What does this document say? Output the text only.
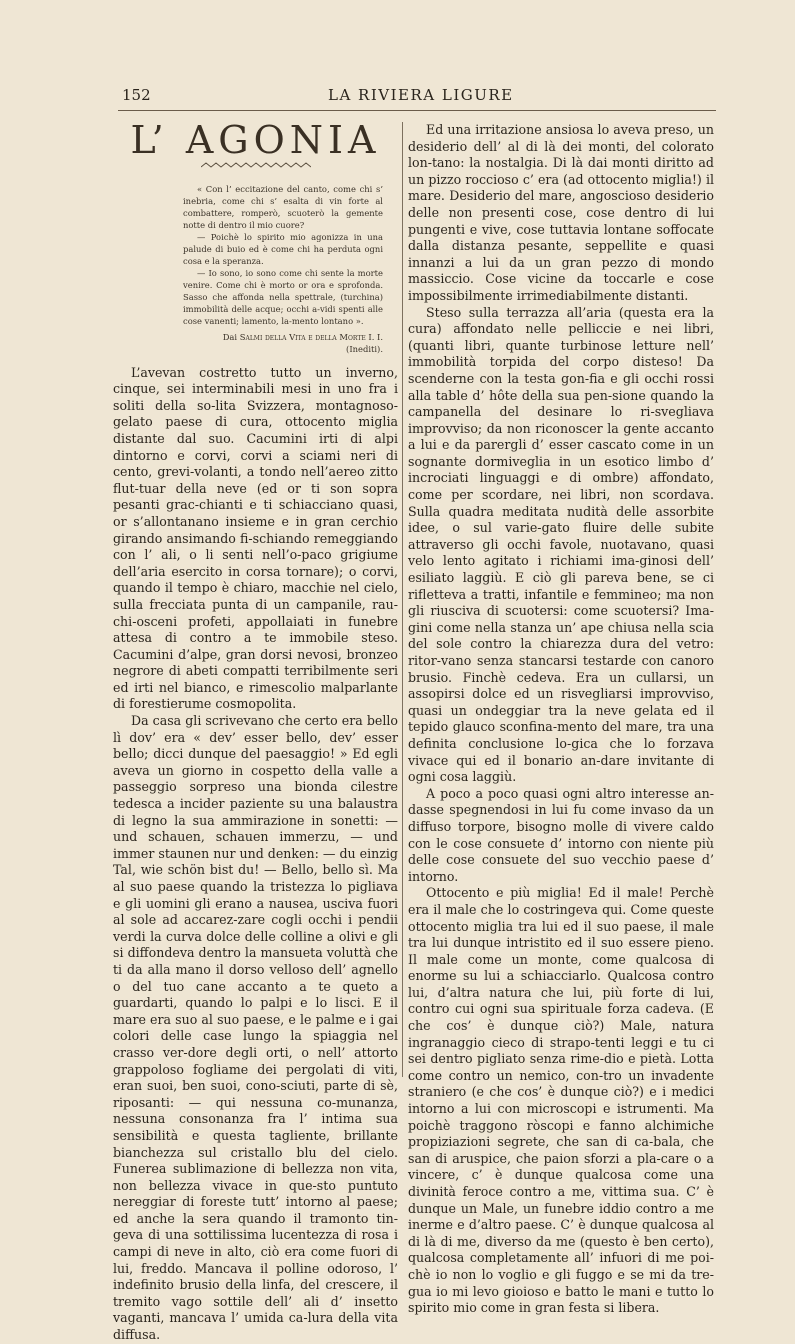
152	LA RIVIERA LIGURE
L’ AGONIA

« Con l’ eccitazione del canto, come chi s’ inebria, come chi s’ esalta di vin forte al combattere, romperò, scuoterò la gemente notte di dentro il mio cuore?

— Poichè lo spirito mio agonizza in una palude di buio ed è come chi ha perduta ogni cosa e la speranza.

— Io sono, io sono come chi sente la morte venire. Come chi è morto or ora e sprofonda. Sasso che affonda nella spettrale, (turchina) immobilità delle acque; occhi a-vidi spenti alle cose vanenti; lamento, la-mento lontano ».

Dai Salmi della Vita e della Morte I. I.
(Inediti).

L’avevan costretto tutto un inverno, cinque, sei interminabili mesi in uno fra i soliti della so-lita Svizzera, montagnoso-gelato paese di cura, ottocento miglia distante dal suo. Cacumini irti di alpi dintorno e corvi, corvi a sciami neri di cento, grevi-volanti, a tondo nell’aereo zitto flut-tuar della neve (ed or ti son sopra pesanti grac-chianti e ti schiacciano quasi, or s’allontanano insieme e in gran cerchio girando ansimando fi-schiando remeggiando con l’ ali, o li senti nell’o-paco grigiume dell’aria esercito in corsa tornare); o corvi, quando il tempo è chiaro, macchie nel cielo, sulla frecciata punta di un campanile, rau-chi-osceni profeti, appollaiati in funebre attesa di contro a te immobile steso. Cacumini d’alpe, gran dorsi nevosi, bronzeo negrore di abeti compatti terribilmente seri ed irti nel bianco, e rimescolio malparlante di forestierume cosmopolita.

Da casa gli scrivevano che certo era bello lì dov’ era « dev’ esser bello, dev’ esser bello; dicci dunque del paesaggio! » Ed egli aveva un giorno in cospetto della valle a passeggio sorpreso una bionda cilestre tedesca a incider paziente su una balaustra di legno la sua ammirazione in sonetti: — und schauen, schauen immerzu, — und immer staunen nur und denken: — du einzig Tal, wie schön bist du! — Bello, bello sì. Ma al suo paese quando la tristezza lo pigliava e gli uomini gli erano a nausea, usciva fuori al sole ad accarez-zare cogli occhi i pendii verdi la curva dolce delle colline a olivi e gli si diffondeva dentro la mansueta voluttà che ti da alla mano il dorso velloso dell’ agnello o del tuo cane accanto a te queto a guardarti, quando lo palpi e lo lisci. E il mare era suo al suo paese, e le palme e i gai colori delle case lungo la spiaggia nel crasso ver-dore degli orti, o nell’ attorto grappoloso fogliame dei pergolati di viti, eran suoi, ben suoi, cono-sciuti, parte di sè, riposanti: — qui nessuna co-munanza, nessuna consonanza fra l’ intima sua sensibilità e questa tagliente, brillante bianchezza sul cristallo blu del cielo. Funerea sublimazione di bellezza non vita, non bellezza vivace in que-sto puntuto nereggiar di foreste tutt’ intorno al paese; ed anche la sera quando il tramonto tin-geva di una sottilissima lucentezza di rosa i campi di neve in alto, ciò era come fuori di lui, freddo. Mancava il polline odoroso, l’ indefinito brusio della linfa, del crescere, il tremito vago sottile dell’ ali d’ insetto vaganti, mancava l’ umida ca-lura della vita diffusa.

Ed una irritazione ansiosa lo aveva preso, un desiderio dell’ al di là dei monti, del colorato lon-tano: la nostalgia. Di là dai monti diritto ad un pizzo roccioso c’ era (ad ottocento miglia!) il mare. Desiderio del mare, angoscioso desiderio delle non presenti cose, cose dentro di lui pungenti e vive, cose tuttavia lontane soffocate dalla distanza pesante, seppellite e quasi innanzi a lui da un gran pezzo di mondo massiccio. Cose vicine da toccarle e cose impossibilmente irrimediabilmente distanti.

Steso sulla terrazza all’aria (questa era la cura) affondato nelle pelliccie e nei libri, (quanti libri, quante turbinose letture nell’ immobilità torpida del corpo disteso! Da scenderne con la testa gon-fia e gli occhi rossi alla table d’ hôte della sua pen-sione quando la campanella del desinare lo ri-svegliava improvviso; da non riconoscer la gente accanto a lui e da parergli d’ esser cascato come in un sognante dormiveglia in un esotico limbo d’ incrociati linguaggi e di ombre) affondato, come per scordare, nei libri, non scordava. Sulla quadra meditata nudità delle assorbite idee, o sul varie-gato fluire delle subite attraverso gli occhi favole, nuotavano, quasi velo lento agitato i richiami ima-ginosi dell’ esiliato laggiù. E ciò gli pareva bene, se ci rifletteva a tratti, infantile e femmineo; ma non gli riusciva di scuotersi: come scuotersi? Ima-gini come nella stanza un’ ape chiusa nella scia del sole contro la chiarezza dura del vetro: ritor-vano senza stancarsi testarde con canoro brusio. Finchè cedeva. Era un cullarsi, un assopirsi dolce ed un risvegliarsi improvviso, quasi un ondeggiar tra la neve gelata ed il tepido glauco sconfina-mento del mare, tra una definita conclusione lo-gica che lo forzava vivace qui ed il bonario an-dare invitante di ogni cosa laggiù.

A poco a poco quasi ogni altro interesse an-dasse spegnendosi in lui fu come invaso da un diffuso torpore, bisogno molle di vivere caldo con le cose consuete d’ intorno con niente più delle cose consuete del suo vecchio paese d’ intorno.

Ottocento e più miglia! Ed il male! Perchè era il male che lo costringeva qui. Come queste ottocento miglia tra lui ed il suo paese, il male tra lui dunque intristito ed il suo essere pieno. Il male come un monte, come qualcosa di enorme su lui a schiacciarlo. Qualcosa contro lui, d’altra natura che lui, più forte di lui, contro cui ogni sua spirituale forza cadeva. (E che cos’ è dunque ciò?) Male, natura ingranaggio cieco di strapo-tenti leggi e tu ci sei dentro pigliato senza rime-dio e pietà. Lotta come contro un nemico, con-tro un invadente straniero (e che cos’ è dunque ciò?) e i medici intorno a lui con microscopi e istrumenti. Ma poichè traggono ròscopi e fanno alchimiche propiziazioni segrete, che san di ca-bala, che san di aruspice, che paion sforzi a pla-care o a vincere, c’ è dunque qualcosa come una divinità feroce contro a me, vittima sua. C’ è dunque un Male, un funebre iddio contro a me inerme e d’altro paese. C’ è dunque qualcosa al di là di me, diverso da me (questo è ben certo), qualcosa completamente all’ infuori di me poi-chè io non lo voglio e gli fuggo e se mi da tre-gua io mi levo gioioso e batto le mani e tutto lo spirito mio come in gran festa si libera.
